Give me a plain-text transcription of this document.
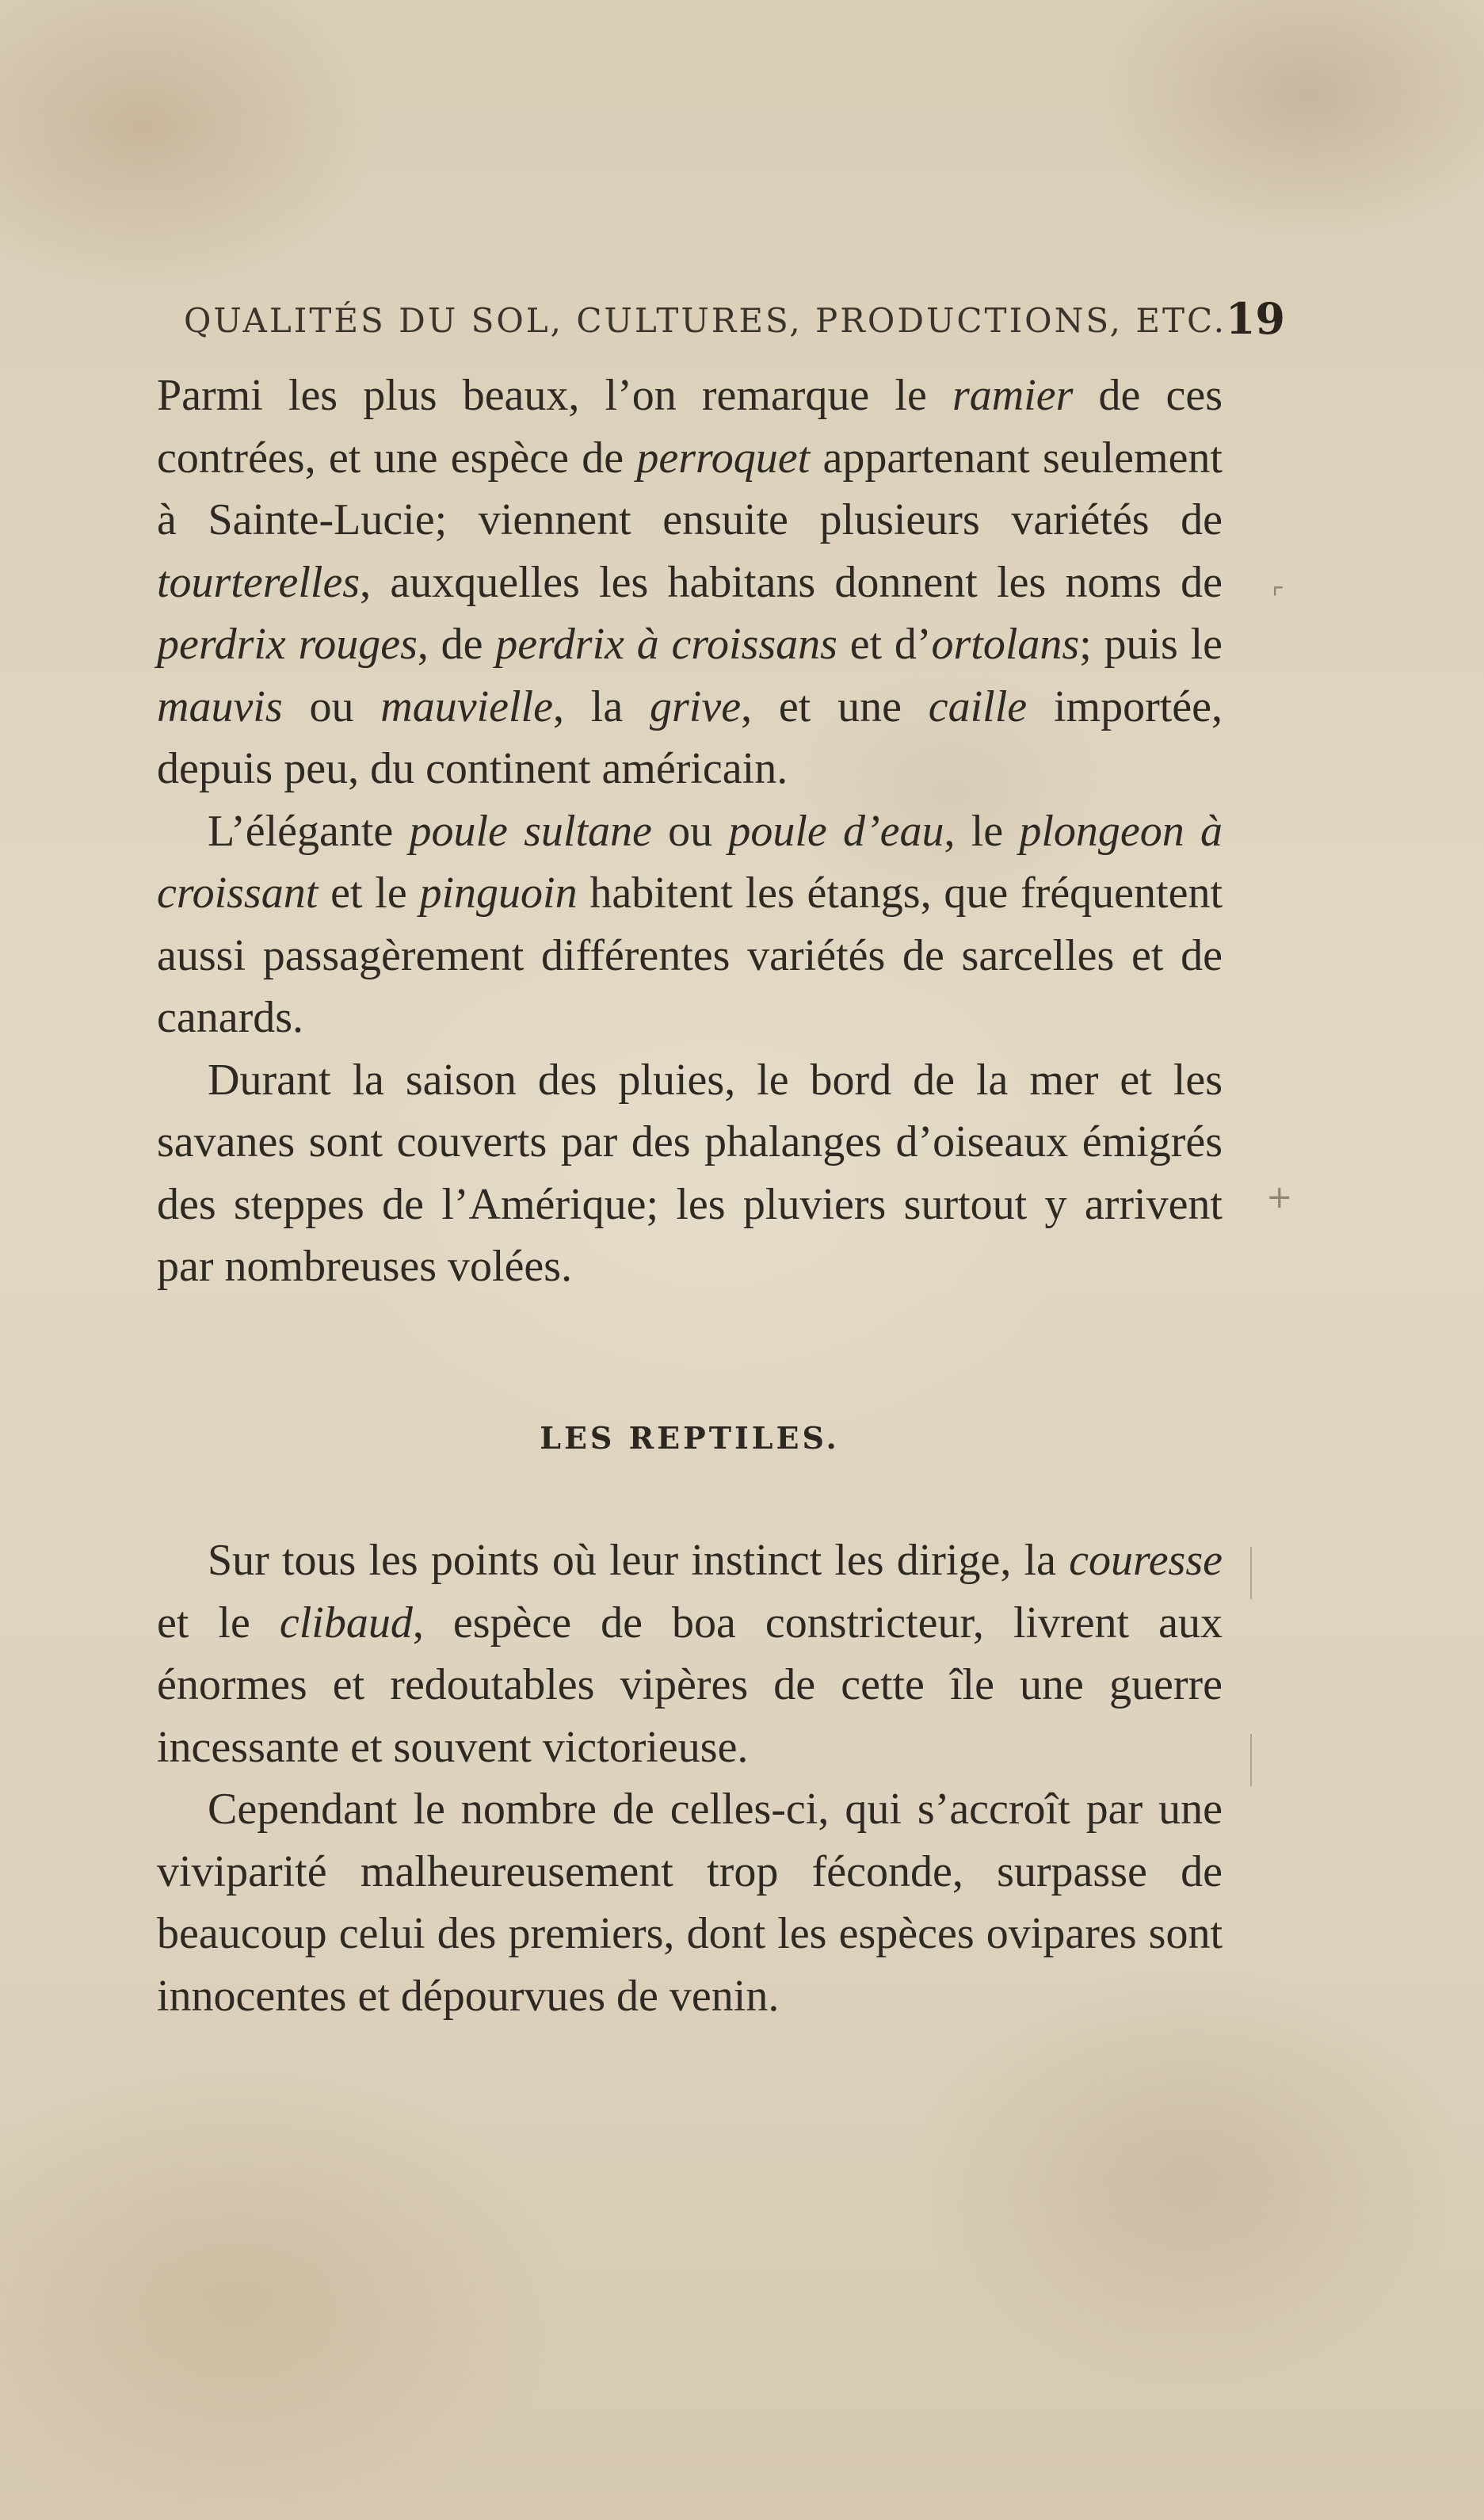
QUALITÉS DU SOL, CULTURES, PRODUCTIONS, ETC.
19

Parmi les plus beaux, l’on remarque le ramier de ces contrées, et une espèce de perroquet appartenant seulement à Sainte-Lucie; viennent ensuite plusieurs variétés de tourterelles, auxquelles les habitans donnent les noms de perdrix rouges, de perdrix à croissans et d’ortolans; puis le mauvis ou mauvielle, la grive, et une caille importée, depuis peu, du continent américain.

L’élégante poule sultane ou poule d’eau, le plongeon à croissant et le pinguoin habitent les étangs, que fréquentent aussi passagèrement différentes variétés de sarcelles et de canards.

Durant la saison des pluies, le bord de la mer et les savanes sont couverts par des phalanges d’oiseaux émigrés des steppes de l’Amérique; les pluviers surtout y arrivent par nombreuses volées.

LES REPTILES.

Sur tous les points où leur instinct les dirige, la couresse et le clibaud, espèce de boa constricteur, livrent aux énormes et redoutables vipères de cette île une guerre incessante et souvent victorieuse.

Cependant le nombre de celles-ci, qui s’accroît par une viviparité malheureusement trop féconde, surpasse de beaucoup celui des premiers, dont les espèces ovipares sont innocentes et dépourvues de venin.

⌜
+
